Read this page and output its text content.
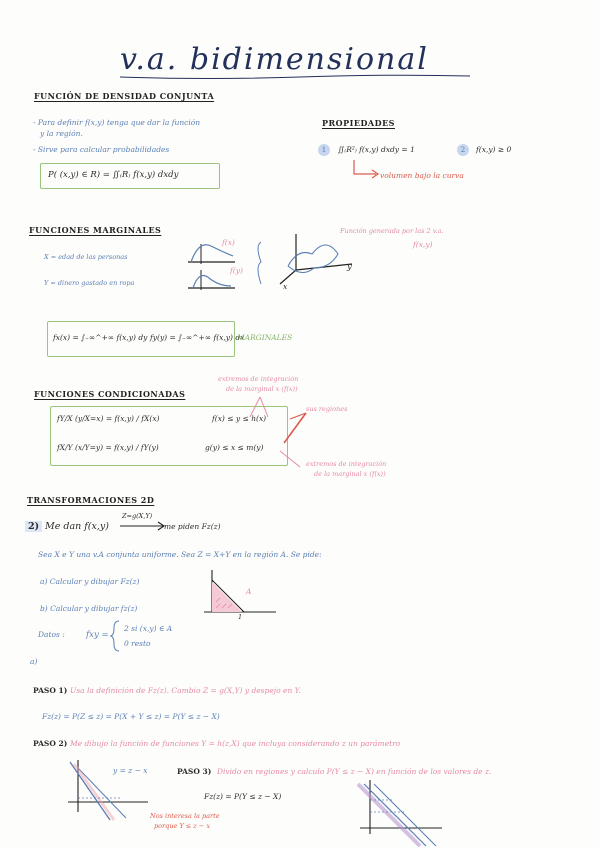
v.a. bidimensional
FUNCIÓN DE DENSIDAD CONJUNTA
- Para definir f(x,y) tenga que dar la función
y la región.
- Sirve para calcular probabilidades
P( (x,y) ∈ R) = ∬₍R₎ f(x,y) dxdy
PROPIEDADES
1	∬₍R²₎ f(x,y) dxdy = 1	2	f(x,y) ≥ 0
volumen bajo la curva
FUNCIONES MARGINALES
X = edad de las personas
Y = dinero gastado en ropa
f(x)
f(y)	y
x
Función generada por las 2 v.a.
f(x,y)
fx(x) = ∫₋∞^+∞ f(x,y) dy fy(y) = ∫₋∞^+∞ f(x,y) dx
MARGINALES
FUNCIONES CONDICIONADAS
extremos de integración
de la marginal x (f(x))
fY/X (y/X=x) = f(x,y) / fX(x)	f(x) ≤ y ≤ h(x)
fX/Y (x/Y=y) = f(x,y) / fY(y)	g(y) ≤ x ≤ m(y)
sus regiones
extremos de integración
de la marginal x (f(x))
TRANSFORMACIONES 2D
2) Me dan f(x,y)
Z=g(X,Y)
me piden Fz(z)
Sea X e Y una v.A conjunta uniforme. Sea Z = X+Y en la región A. Se pide:
a) Calcular y dibujar Fz(z)
b) Calcular y dibujar fz(z)
Datos : fxy =
2 si (x,y) ∈ A
0 resto
a)
A
1
PASO 1) Usa la definición de Fz(z). Cambio Z = g(X,Y) y despejo en Y.
Fz(z) = P(Z ≤ z) = P(X + Y ≤ z) = P(Y ≤ z − X)
PASO 2) Me dibujo la función de funciones Y = h(z,X) que incluya considerando z un parámetro
y = z − x	PASO 3) Divido en regiones y calculo P(Y ≤ z − X) en función de los valores de z.
Fz(z) = P(Y ≤ z − X)
Nos interesa la parte
porque Y ≤ z − x
